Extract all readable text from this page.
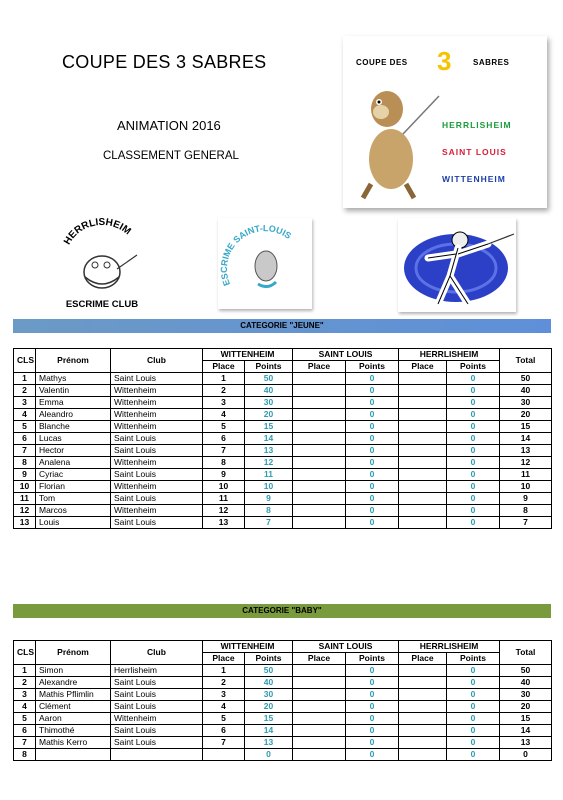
COUPE DES 3 SABRES
ANIMATION 2016
CLASSEMENT GENERAL
COUPE DES 3	SABRES
HERRLISHEIM
SAINT LOUIS
WITTENHEIM
HERRLISHEIM
ESCRIME CLUB
ESCRIME SAINT-LOUIS
CATEGORIE "JEUNE"
CLS	Prénom	Club	WITTENHEIM		SAINT LOUIS		HERRLISHEIM		Total
			Place	Points	Place	Points	Place	Points	
1	Mathys	Saint Louis	1	50		0		0	50
2	Valentin	Wittenheim	2	40		0		0	40
3	Emma	Wittenheim	3	30		0		0	30
4	Aleandro	Wittenheim	4	20		0		0	20
5	Blanche	Wittenheim	5	15		0		0	15
6	Lucas	Saint Louis	6	14		0		0	14
7	Hector	Saint Louis	7	13		0		0	13
8	Analena	Wittenheim	8	12		0		0	12
9	Cyriac	Saint Louis	9	11		0		0	11
10	Florian	Wittenheim	10	10		0		0	10
11	Tom	Saint Louis	11	9		0		0	9
12	Marcos	Wittenheim	12	8		0		0	8
13	Louis	Saint Louis	13	7		0		0	7
CATEGORIE "BABY"
CLS	Prénom	Club	WITTENHEIM		SAINT LOUIS		HERRLISHEIM		Total
			Place	Points	Place	Points	Place	Points	
1	Simon	Herrlisheim	1	50		0		0	50
2	Alexandre	Saint Louis	2	40		0		0	40
3	Mathis Pflimlin	Saint Louis	3	30		0		0	30
4	Clément	Saint Louis	4	20		0		0	20
5	Aaron	Wittenheim	5	15		0		0	15
6	Thimothé	Saint Louis	6	14		0		0	14
7	Mathis Kerro	Saint Louis	7	13		0		0	13
8				0		0		0	0
